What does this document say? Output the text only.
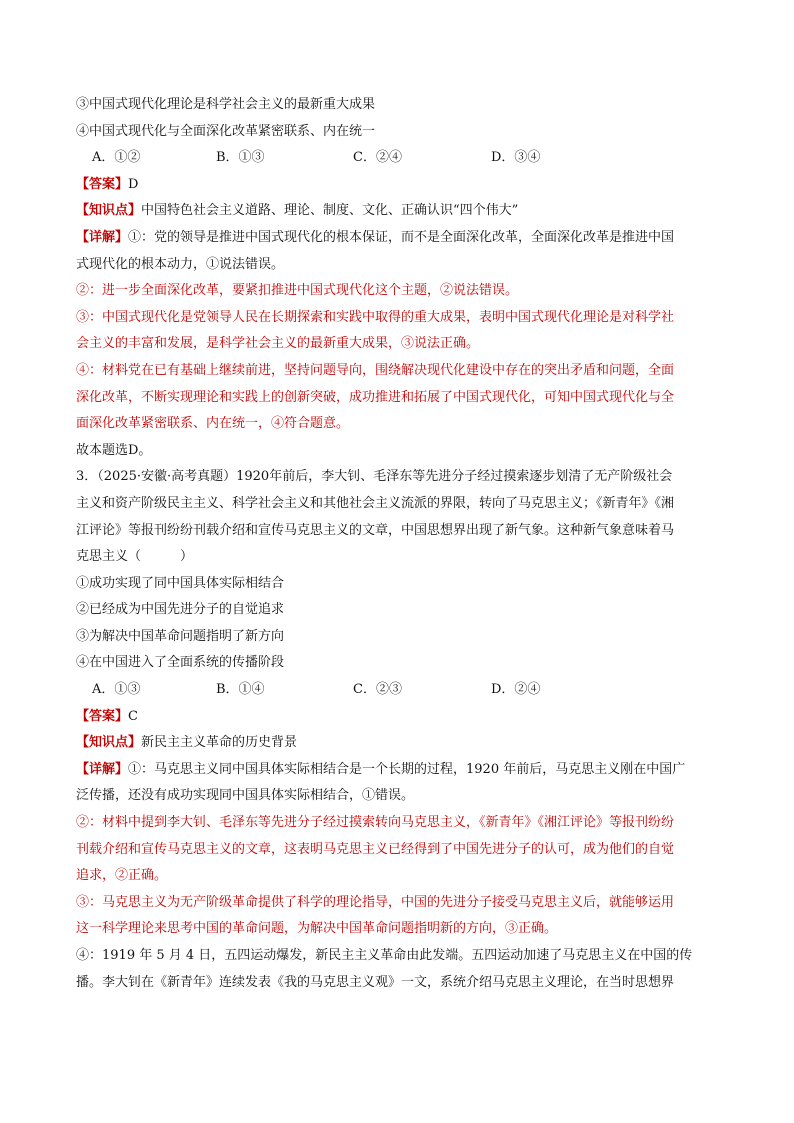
③中国式现代化理论是科学社会主义的最新重大成果
④中国式现代化与全面深化改革紧密联系、内在统一
A．①②	B．①③	C．②④	D．③④
【答案】D
【知识点】中国特色社会主义道路、理论、制度、文化、正确认识“四个伟大”
【详解】①：党的领导是推进中国式现代化的根本保证，而不是全面深化改革，全面深化改革是推进中国
式现代化的根本动力，①说法错误。
②：进一步全面深化改革，要紧扣推进中国式现代化这个主题，②说法错误。
③：中国式现代化是党领导人民在长期探索和实践中取得的重大成果，表明中国式现代化理论是对科学社
会主义的丰富和发展，是科学社会主义的最新重大成果，③说法正确。
④：材料党在已有基础上继续前进，坚持问题导向，围绕解决现代化建设中存在的突出矛盾和问题，全面
深化改革，不断实现理论和实践上的创新突破，成功推进和拓展了中国式现代化，可知中国式现代化与全
面深化改革紧密联系、内在统一，④符合题意。
故本题选D。
3．（2025·安徽·高考真题）1920年前后，李大钊、毛泽东等先进分子经过摸索逐步划清了无产阶级社会
主义和资产阶级民主主义、科学社会主义和其他社会主义流派的界限，转向了马克思主义；《新青年》《湘
江评论》等报刊纷纷刊载介绍和宣传马克思主义的文章，中国思想界出现了新气象。这种新气象意味着马
克思主义（　　　）
①成功实现了同中国具体实际相结合
②已经成为中国先进分子的自觉追求
③为解决中国革命问题指明了新方向
④在中国进入了全面系统的传播阶段
A．①③	B．①④	C．②③	D．②④
【答案】C
【知识点】新民主主义革命的历史背景
【详解】①：马克思主义同中国具体实际相结合是一个长期的过程，1920 年前后，马克思主义刚在中国广
泛传播，还没有成功实现同中国具体实际相结合，①错误。
②：材料中提到李大钊、毛泽东等先进分子经过摸索转向马克思主义，《新青年》《湘江评论》等报刊纷纷
刊载介绍和宣传马克思主义的文章，这表明马克思主义已经得到了中国先进分子的认可，成为他们的自觉
追求，②正确。
③：马克思主义为无产阶级革命提供了科学的理论指导，中国的先进分子接受马克思主义后，就能够运用
这一科学理论来思考中国的革命问题，为解决中国革命问题指明新的方向，③正确。
④：1919 年 5 月 4 日，五四运动爆发，新民主主义革命由此发端。五四运动加速了马克思主义在中国的传
播。李大钊在《新青年》连续发表《我的马克思主义观》一文，系统介绍马克思主义理论，在当时思想界
